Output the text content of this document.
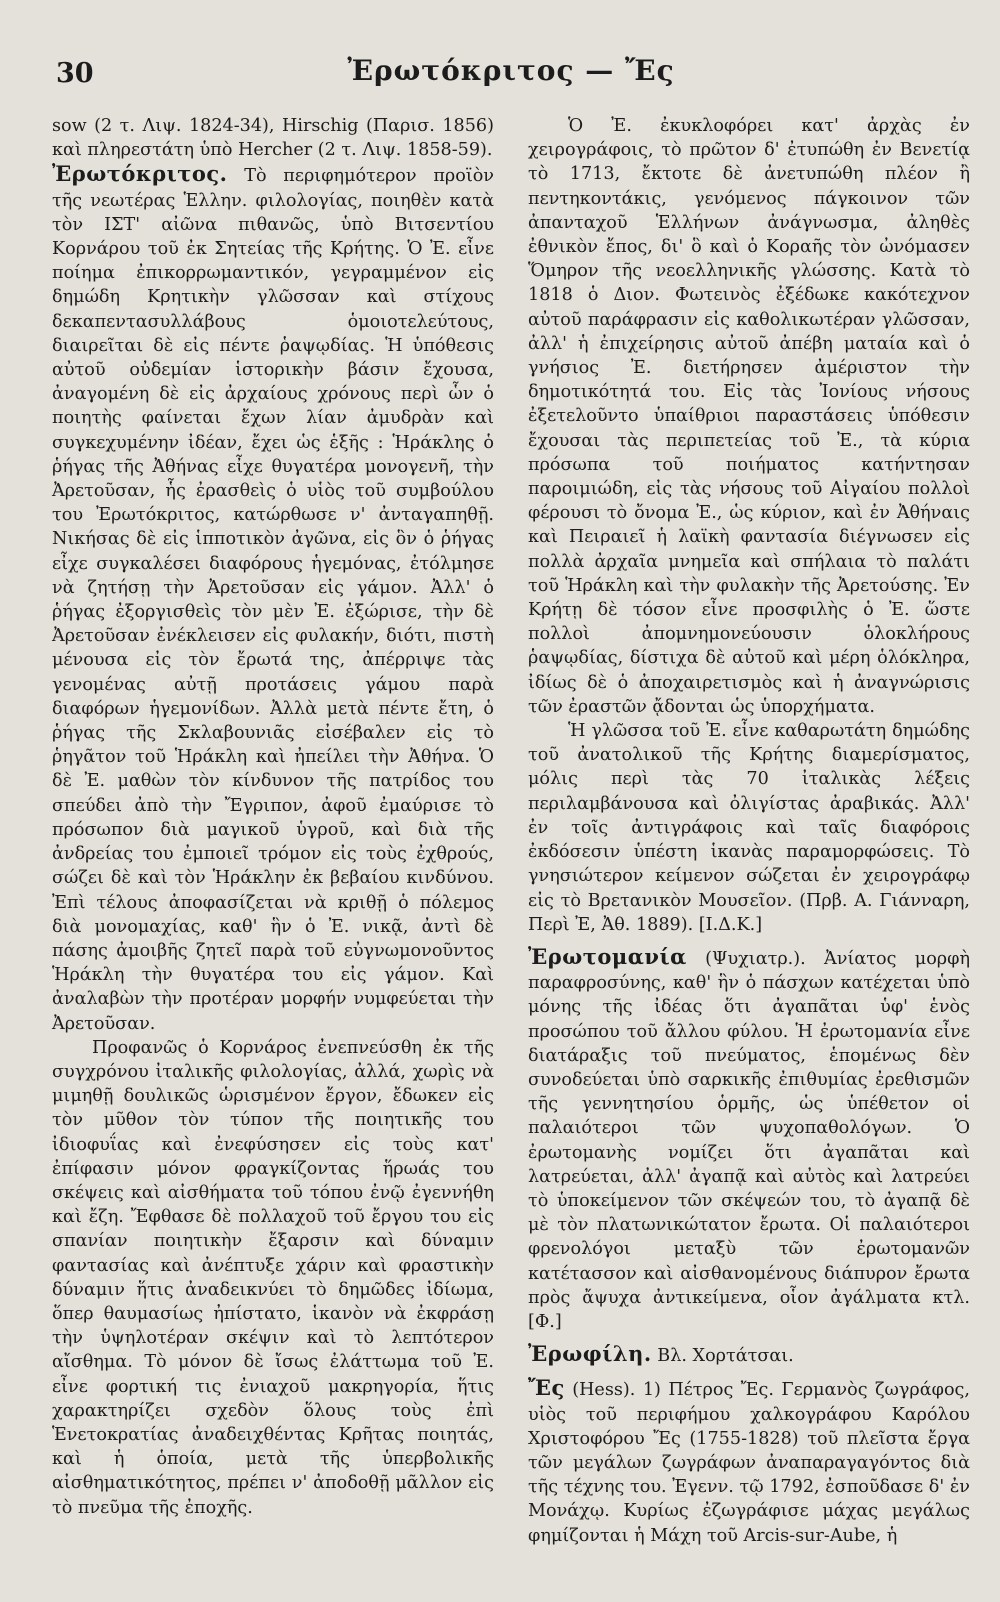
30	Ἐρωτόκριτος — Ἔς

sow (2 τ. Λιψ. 1824-34), Hirschig (Παρισ. 1856) καὶ πληρεστάτη ὑπὸ Hercher (2 τ. Λιψ. 1858-59).

Ἐρωτόκριτος. Τὸ περιφημότερον προϊὸν τῆς νεωτέρας Ἑλλην. φιλολογίας, ποιηθὲν κατὰ τὸν ΙΣΤ' αἰῶνα πιθανῶς, ὑπὸ Βιτσεντίου Κορνάρου τοῦ ἐκ Σητείας τῆς Κρήτης. Ὁ Ἐ. εἶνε ποίημα ἐπικορρωμαντικόν, γεγραμμένον εἰς δημώδη Κρητικὴν γλῶσσαν καὶ στίχους δεκαπεντασυλλάβους ὁμοιοτελεύτους, διαιρεῖται δὲ εἰς πέντε ῥαψῳδίας. Ἡ ὑπόθεσις αὐτοῦ οὐδεμίαν ἱστορικὴν βάσιν ἔχουσα, ἀναγομένη δὲ εἰς ἀρχαίους χρόνους περὶ ὧν ὁ ποιητὴς φαίνεται ἔχων λίαν ἀμυδρὰν καὶ συγκεχυμένην ἰδέαν, ἔχει ὡς ἑξῆς : Ἡράκλης ὁ ῥήγας τῆς Ἀθήνας εἶχε θυγατέρα μονογενῆ, τὴν Ἀρετοῦσαν, ἧς ἐρασθεὶς ὁ υἱὸς τοῦ συμβούλου του Ἐρωτόκριτος, κατώρθωσε ν' ἀνταγαπηθῇ. Νικήσας δὲ εἰς ἱπποτικὸν ἀγῶνα, εἰς ὃν ὁ ῥήγας εἶχε συγκαλέσει διαφόρους ἡγεμόνας, ἐτόλμησε νὰ ζητήσῃ τὴν Ἀρετοῦσαν εἰς γάμον. Ἀλλ' ὁ ῥήγας ἐξοργισθεὶς τὸν μὲν Ἐ. ἐξώρισε, τὴν δὲ Ἀρετοῦσαν ἐνέκλεισεν εἰς φυλακήν, διότι, πιστὴ μένουσα εἰς τὸν ἔρωτά της, ἀπέρριψε τὰς γενομένας αὐτῇ προτάσεις γάμου παρὰ διαφόρων ἡγεμονίδων. Ἀλλὰ μετὰ πέντε ἔτη, ὁ ῥήγας τῆς Σκλαβουνιᾶς εἰσέβαλεν εἰς τὸ ῥηγᾶτον τοῦ Ἡράκλη καὶ ἠπείλει τὴν Ἀθήνα. Ὁ δὲ Ἐ. μαθὼν τὸν κίνδυνον τῆς πατρίδος του σπεύδει ἀπὸ τὴν Ἔγριπον, ἀφοῦ ἐμαύρισε τὸ πρόσωπον διὰ μαγικοῦ ὑγροῦ, καὶ διὰ τῆς ἀνδρείας του ἐμποιεῖ τρόμον εἰς τοὺς ἐχθρούς, σώζει δὲ καὶ τὸν Ἡράκλην ἐκ βεβαίου κινδύνου. Ἐπὶ τέλους ἀποφασίζεται νὰ κριθῇ ὁ πόλεμος διὰ μονομαχίας, καθ' ἣν ὁ Ἐ. νικᾷ, ἀντὶ δὲ πάσης ἀμοιβῆς ζητεῖ παρὰ τοῦ εὐγνωμονοῦντος Ἡράκλη τὴν θυγατέρα του εἰς γάμον. Καὶ ἀναλαβὼν τὴν προτέραν μορφήν νυμφεύεται τὴν Ἀρετοῦσαν.

Προφανῶς ὁ Κορνάρος ἐνεπνεύσθη ἐκ τῆς συγχρόνου ἰταλικῆς φιλολογίας, ἀλλά, χωρὶς νὰ μιμηθῇ δουλικῶς ὡρισμένον ἔργον, ἔδωκεν εἰς τὸν μῦθον τὸν τύπον τῆς ποιητικῆς του ἰδιοφυΐας καὶ ἐνεφύσησεν εἰς τοὺς κατ' ἐπίφασιν μόνον φραγκίζοντας ἥρωάς του σκέψεις καὶ αἰσθήματα τοῦ τόπου ἐνῷ ἐγεννήθη καὶ ἔζη. Ἔφθασε δὲ πολλαχοῦ τοῦ ἔργου του εἰς σπανίαν ποιητικὴν ἔξαρσιν καὶ δύναμιν φαντασίας καὶ ἀνέπτυξε χάριν καὶ φραστικὴν δύναμιν ἥτις ἀναδεικνύει τὸ δημῶδες ἰδίωμα, ὅπερ θαυμασίως ἠπίστατο, ἱκανὸν νὰ ἐκφράσῃ τὴν ὑψηλοτέραν σκέψιν καὶ τὸ λεπτότερον αἴσθημα. Τὸ μόνον δὲ ἴσως ἐλάττωμα τοῦ Ἐ. εἶνε φορτική τις ἐνιαχοῦ μακρηγορία, ἥτις χαρακτηρίζει σχεδὸν ὅλους τοὺς ἐπὶ Ἑνετοκρατίας ἀναδειχθέντας Κρῆτας ποιητάς, καὶ ἡ ὁποία, μετὰ τῆς ὑπερβολικῆς αἰσθηματικότητος, πρέπει ν' ἀποδοθῇ μᾶλλον εἰς τὸ πνεῦμα τῆς ἐποχῆς.

Ὁ Ἐ. ἐκυκλοφόρει κατ' ἀρχὰς ἐν χειρογράφοις, τὸ πρῶτον δ' ἐτυπώθη ἐν Βενετίᾳ τὸ 1713, ἔκτοτε δὲ ἀνετυπώθη πλέον ἢ πεντηκοντάκις, γενόμενος πάγκοινον τῶν ἀπανταχοῦ Ἑλλήνων ἀνάγνωσμα, ἀληθὲς ἐθνικὸν ἔπος, δι' ὃ καὶ ὁ Κοραῆς τὸν ὠνόμασεν Ὅμηρον τῆς νεοελληνικῆς γλώσσης. Κατὰ τὸ 1818 ὁ Διον. Φωτεινὸς ἐξέδωκε κακότεχνον αὐτοῦ παράφρασιν εἰς καθολικωτέραν γλῶσσαν, ἀλλ' ἡ ἐπιχείρησις αὐτοῦ ἀπέβη ματαία καὶ ὁ γνήσιος Ἐ. διετήρησεν ἀμέριστον τὴν δημοτικότητά του. Εἰς τὰς Ἰονίους νήσους ἐξετελοῦντο ὑπαίθριοι παραστάσεις ὑπόθεσιν ἔχουσαι τὰς περιπετείας τοῦ Ἐ., τὰ κύρια πρόσωπα τοῦ ποιήματος κατήντησαν παροιμιώδη, εἰς τὰς νήσους τοῦ Αἰγαίου πολλοὶ φέρουσι τὸ ὄνομα Ἐ., ὡς κύριον, καὶ ἐν Ἀθήναις καὶ Πειραιεῖ ἡ λαϊκὴ φαντασία διέγνωσεν εἰς πολλὰ ἀρχαῖα μνημεῖα καὶ σπήλαια τὸ παλάτι τοῦ Ἡράκλη καὶ τὴν φυλακὴν τῆς Ἀρετούσης. Ἐν Κρήτῃ δὲ τόσον εἶνε προσφιλὴς ὁ Ἐ. ὥστε πολλοὶ ἀπομνημονεύουσιν ὁλοκλήρους ῥαψῳδίας, δίστιχα δὲ αὐτοῦ καὶ μέρη ὁλόκληρα, ἰδίως δὲ ὁ ἀποχαιρετισμὸς καὶ ἡ ἀναγνώρισις τῶν ἐραστῶν ᾄδονται ὡς ὑπορχήματα.

Ἡ γλῶσσα τοῦ Ἐ. εἶνε καθαρωτάτη δημώδης τοῦ ἀνατολικοῦ τῆς Κρήτης διαμερίσματος, μόλις περὶ τὰς 70 ἰταλικὰς λέξεις περιλαμβάνουσα καὶ ὀλιγίστας ἀραβικάς. Ἀλλ' ἐν τοῖς ἀντιγράφοις καὶ ταῖς διαφόροις ἐκδόσεσιν ὑπέστη ἱκανὰς παραμορφώσεις. Τὸ γνησιώτερον κείμενον σώζεται ἐν χειρογράφῳ εἰς τὸ Βρετανικὸν Μουσεῖον. (Πρβ. Α. Γιάνναρη, Περὶ Ἐ, Ἀθ. 1889). [Ι.Δ.Κ.]

Ἐρωτομανία (Ψυχιατρ.). Ἀνίατος μορφὴ παραφροσύνης, καθ' ἣν ὁ πάσχων κατέχεται ὑπὸ μόνης τῆς ἰδέας ὅτι ἀγαπᾶται ὑφ' ἑνὸς προσώπου τοῦ ἄλλου φύλου. Ἡ ἐρωτομανία εἶνε διατάραξις τοῦ πνεύματος, ἑπομένως δὲν συνοδεύεται ὑπὸ σαρκικῆς ἐπιθυμίας ἐρεθισμῶν τῆς γεννητησίου ὁρμῆς, ὡς ὑπέθετον οἱ παλαιότεροι τῶν ψυχοπαθολόγων. Ὁ ἐρωτομανὴς νομίζει ὅτι ἀγαπᾶται καὶ λατρεύεται, ἀλλ' ἀγαπᾷ καὶ αὐτὸς καὶ λατρεύει τὸ ὑποκείμενον τῶν σκέψεών του, τὸ ἀγαπᾷ δὲ μὲ τὸν πλατωνικώτατον ἔρωτα. Οἱ παλαιότεροι φρενολόγοι μεταξὺ τῶν ἐρωτομανῶν κατέτασσον καὶ αἰσθανομένους διάπυρον ἔρωτα πρὸς ἄψυχα ἀντικείμενα, οἷον ἀγάλματα κτλ. [Φ.]

Ἐρωφίλη. Βλ. Χορτάτσαι.

Ἔς (Hess). 1) Πέτρος Ἔς. Γερμανὸς ζωγράφος, υἱὸς τοῦ περιφήμου χαλκογράφου Καρόλου Χριστοφόρου Ἔς (1755-1828) τοῦ πλεῖστα ἔργα τῶν μεγάλων ζωγράφων ἀναπαραγαγόντος διὰ τῆς τέχνης του. Ἐγενν. τῷ 1792, ἐσποῦδασε δ' ἐν Μονάχῳ. Κυρίως ἐζωγράφισε μάχας μεγάλως φημίζονται ἡ Μάχη τοῦ Arcis-sur-Aube, ἡ
